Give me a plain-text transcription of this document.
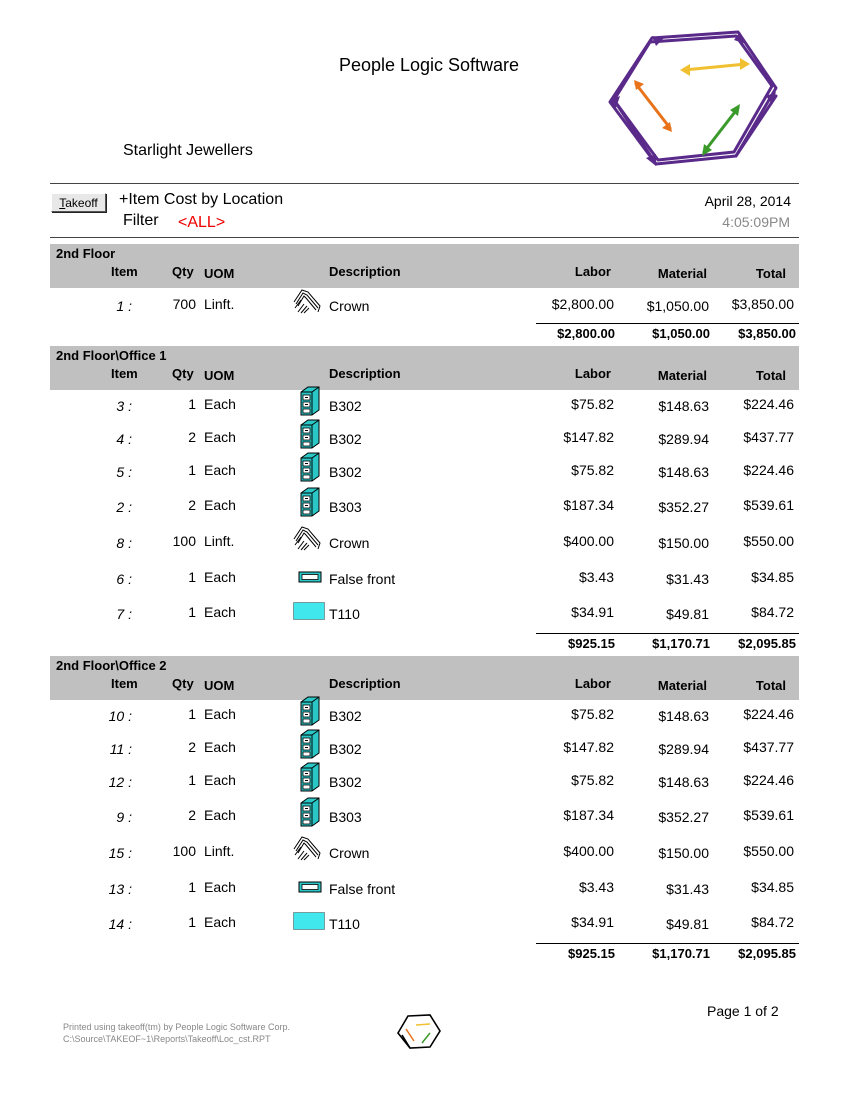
People Logic Software
Starlight Jewellers
Takeoff	+Item Cost by Location
Filter <ALL>
April 28, 2014
4:05:09PM
2nd Floor
Item	Qty UOM	Description	Labor	Material	Total
1 :	700 Linft.	Crown	$2,800.00 $1,050.00 $3,850.00
$2,800.00	$1,050.00 $3,850.00
2nd Floor\Office 1
Item	Qty UOM	Description	Labor	Material	Total
3 :	1 Each	B302	$75.82	$148.63 $224.46
4 :	2 Each	B302	$147.82	$289.94 $437.77
5 :	1 Each	B302	$75.82	$148.63 $224.46
2 :	2 Each	B303	$187.34	$352.27 $539.61
8 :	100 Linft.	Crown	$400.00	$150.00 $550.00
6 :	1 Each	False front	$3.43	$31.43	$34.85
7 :	1 Each	T110	$34.91	$49.81	$84.72
$925.15	$1,170.71 $2,095.85
2nd Floor\Office 2
Item	Qty UOM	Description	Labor	Material	Total
10 :	1 Each	B302	$75.82	$148.63 $224.46
11 :	2 Each	B302	$147.82	$289.94 $437.77
12 :	1 Each	B302	$75.82	$148.63 $224.46
9 :	2 Each	B303	$187.34	$352.27 $539.61
15 :	100 Linft.	Crown	$400.00	$150.00 $550.00
13 :	1 Each	False front	$3.43	$31.43	$34.85
14 :	1 Each	T110	$34.91	$49.81	$84.72
$925.15	$1,170.71 $2,095.85
Printed using takeoff(tm) by People Logic Software Corp.
C:\Source\TAKEOF~1\Reports\Takeoff\Loc_cst.RPT
Page 1 of 2
